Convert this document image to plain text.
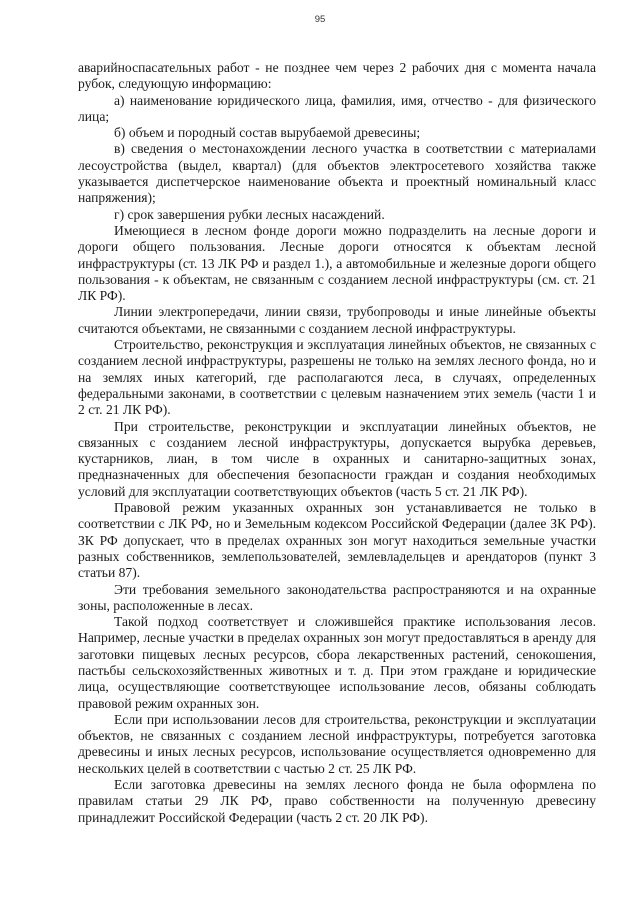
95

аварийноспасательных работ - не позднее чем через 2 рабочих дня с момента начала рубок, следующую информацию:

а) наименование юридического лица, фамилия, имя, отчество - для физического лица;

б) объем и породный состав вырубаемой древесины;

в) сведения о местонахождении лесного участка в соответствии с материалами лесоустройства (выдел, квартал) (для объектов электросетевого хозяйства также указывается диспетчерское наименование объекта и проектный номинальный класс напряжения);

г) срок завершения рубки лесных насаждений.

Имеющиеся в лесном фонде дороги можно подразделить на лесные дороги и дороги общего пользования. Лесные дороги относятся к объектам лесной инфраструктуры (ст. 13 ЛК РФ и раздел 1.), а автомобильные и железные дороги общего пользования - к объектам, не связанным с созданием лесной инфраструктуры (см. ст. 21 ЛК РФ).

Линии электропередачи, линии связи, трубопроводы и иные линейные объекты считаются объектами, не связанными с созданием лесной инфраструктуры.

Строительство, реконструкция и эксплуатация линейных объектов, не связанных с созданием лесной инфраструктуры, разрешены не только на землях лесного фонда, но и на землях иных категорий, где располагаются леса, в случаях, определенных федеральными законами, в соответствии с целевым назначением этих земель (части 1 и 2 ст. 21 ЛК РФ).

При строительстве, реконструкции и эксплуатации линейных объектов, не связанных с созданием лесной инфраструктуры, допускается вырубка деревьев, кустарников, лиан, в том числе в охранных и санитарно-защитных зонах, предназначенных для обеспечения безопасности граждан и создания необходимых условий для эксплуатации соответствующих объектов (часть 5 ст. 21 ЛК РФ).

Правовой режим указанных охранных зон устанавливается не только в соответствии с ЛК РФ, но и Земельным кодексом Российской Федерации (далее ЗК РФ). ЗК РФ допускает, что в пределах охранных зон могут находиться земельные участки разных собственников, землепользователей, землевладельцев и арендаторов (пункт 3 статьи 87).

Эти требования земельного законодательства распространяются и на охранные зоны, расположенные в лесах.

Такой подход соответствует и сложившейся практике использования лесов. Например, лесные участки в пределах охранных зон могут предоставляться в аренду для заготовки пищевых лесных ресурсов, сбора лекарственных растений, сенокошения, пастьбы сельскохозяйственных животных и т. д. При этом граждане и юридические лица, осуществляющие соответствующее использование лесов, обязаны соблюдать правовой режим охранных зон.

Если при использовании лесов для строительства, реконструкции и эксплуатации объектов, не связанных с созданием лесной инфраструктуры, потребуется заготовка древесины и иных лесных ресурсов, использование осуществляется одновременно для нескольких целей в соответствии с частью 2 ст. 25 ЛК РФ.

Если заготовка древесины на землях лесного фонда не была оформлена по правилам статьи 29 ЛК РФ, право собственности на полученную древесину принадлежит Российской Федерации (часть 2 ст. 20 ЛК РФ).
